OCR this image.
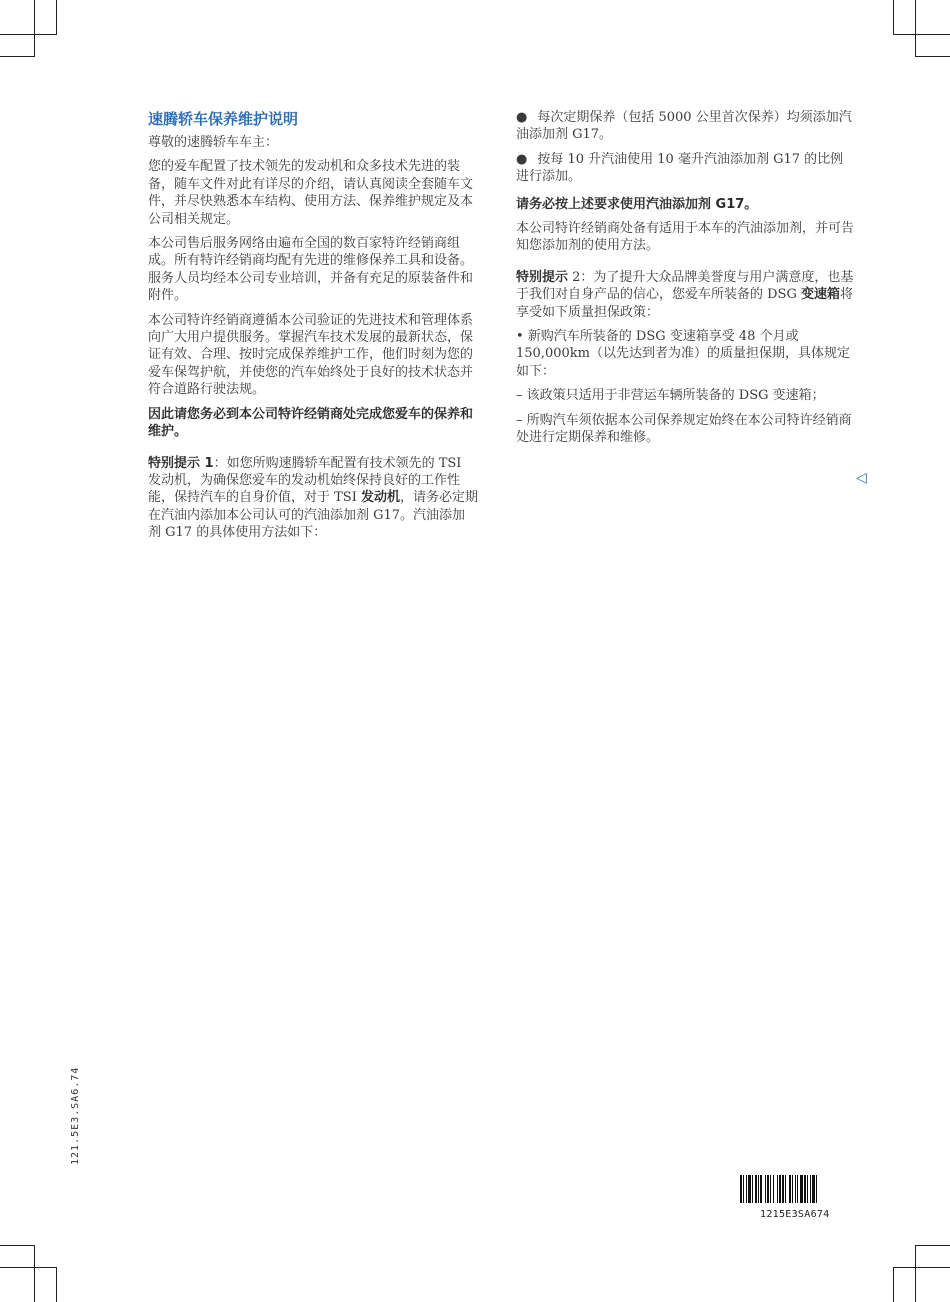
速腾轿车保养维护说明

尊敬的速腾轿车车主：

您的爱车配置了技术领先的发动机和众多技术先进的装备，随车文件对此有详尽的介绍，请认真阅读全套随车文件，并尽快熟悉本车结构、使用方法、保养维护规定及本公司相关规定。

本公司售后服务网络由遍布全国的数百家特许经销商组成。所有特许经销商均配有先进的维修保养工具和设备。服务人员均经本公司专业培训，并备有充足的原装备件和附件。

本公司特许经销商遵循本公司验证的先进技术和管理体系向广大用户提供服务。掌握汽车技术发展的最新状态，保证有效、合理、按时完成保养维护工作，他们时刻为您的爱车保驾护航，并使您的汽车始终处于良好的技术状态并符合道路行驶法规。

因此请您务必到本公司特许经销商处完成您爱车的保养和维护。

特别提示 1：如您所购速腾轿车配置有技术领先的 TSI 发动机，为确保您爱车的发动机始终保持良好的工作性能，保持汽车的自身价值，对于 TSI 发动机，请务必定期在汽油内添加本公司认可的汽油添加剂 G17。汽油添加剂 G17 的具体使用方法如下：

● 每次定期保养（包括 5000 公里首次保养）均须添加汽油添加剂 G17。

● 按每 10 升汽油使用 10 毫升汽油添加剂 G17 的比例进行添加。

请务必按上述要求使用汽油添加剂 G17。

本公司特许经销商处备有适用于本车的汽油添加剂，并可告知您添加剂的使用方法。

特别提示 2：为了提升大众品牌美誉度与用户满意度，也基于我们对自身产品的信心，您爱车所装备的 DSG 变速箱将享受如下质量担保政策：

• 新购汽车所装备的 DSG 变速箱享受 48 个月或 150,000km（以先达到者为准）的质量担保期，具体规定如下：

– 该政策只适用于非营运车辆所装备的 DSG 变速箱；

– 所购汽车须依据本公司保养规定始终在本公司特许经销商处进行定期保养和维修。

◁
121.5E3.SA6.74
1215E3SA674
